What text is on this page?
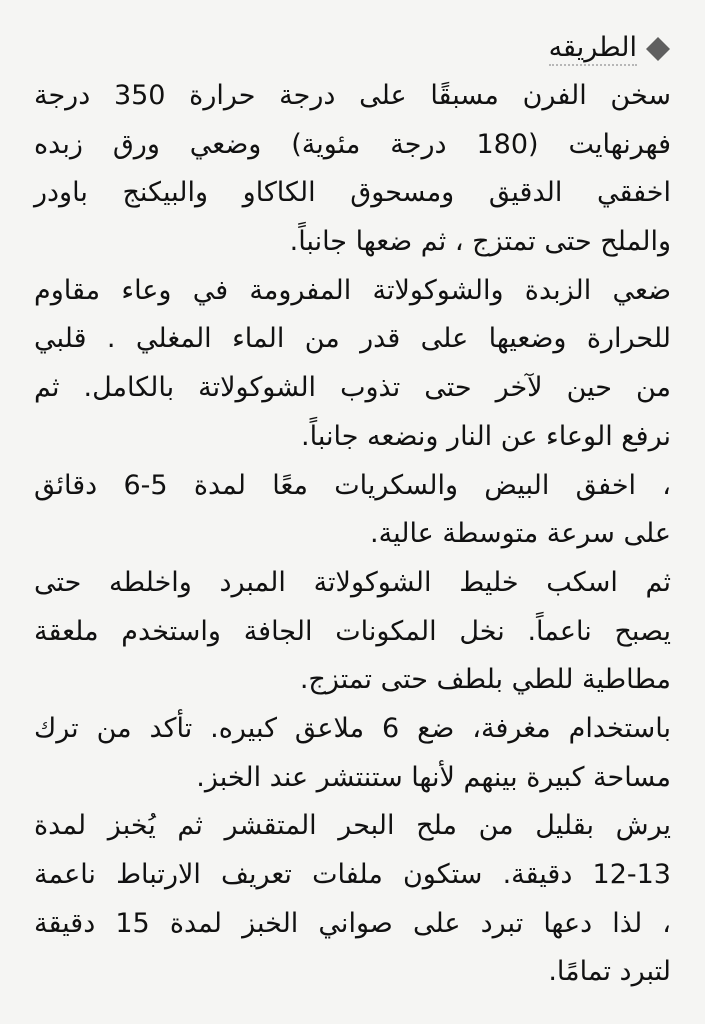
الطريقه
سخن الفرن مسبقًا على درجة حرارة 350 درجة
فهرنهايت (180 درجة مئوية) وضعي ورق زبده
اخفقي الدقيق ومسحوق الكاكاو والبيكنج باودر
والملح حتى تمتزج ، ثم ضعها جانباً.
ضعي الزبدة والشوكولاتة المفرومة في وعاء مقاوم
للحرارة وضعيها على قدر من الماء المغلي . قلبي
من حين لآخر حتى تذوب الشوكولاتة بالكامل. ثم
نرفع الوعاء عن النار ونضعه جانباً.
، اخفق البيض والسكريات معًا لمدة 5-6 دقائق
على سرعة متوسطة عالية.
ثم اسكب خليط الشوكولاتة المبرد واخلطه حتى
يصبح ناعماً. نخل المكونات الجافة واستخدم ملعقة
مطاطية للطي بلطف حتى تمتزج.
باستخدام مغرفة، ضع 6 ملاعق كبيره. تأكد من ترك
مساحة كبيرة بينهم لأنها ستنتشر عند الخبز.
يرش بقليل من ملح البحر المتقشر ثم يُخبز لمدة
12-13 دقيقة. ستكون ملفات تعريف الارتباط ناعمة
، لذا دعها تبرد على صواني الخبز لمدة 15 دقيقة
لتبرد تمامًا.
